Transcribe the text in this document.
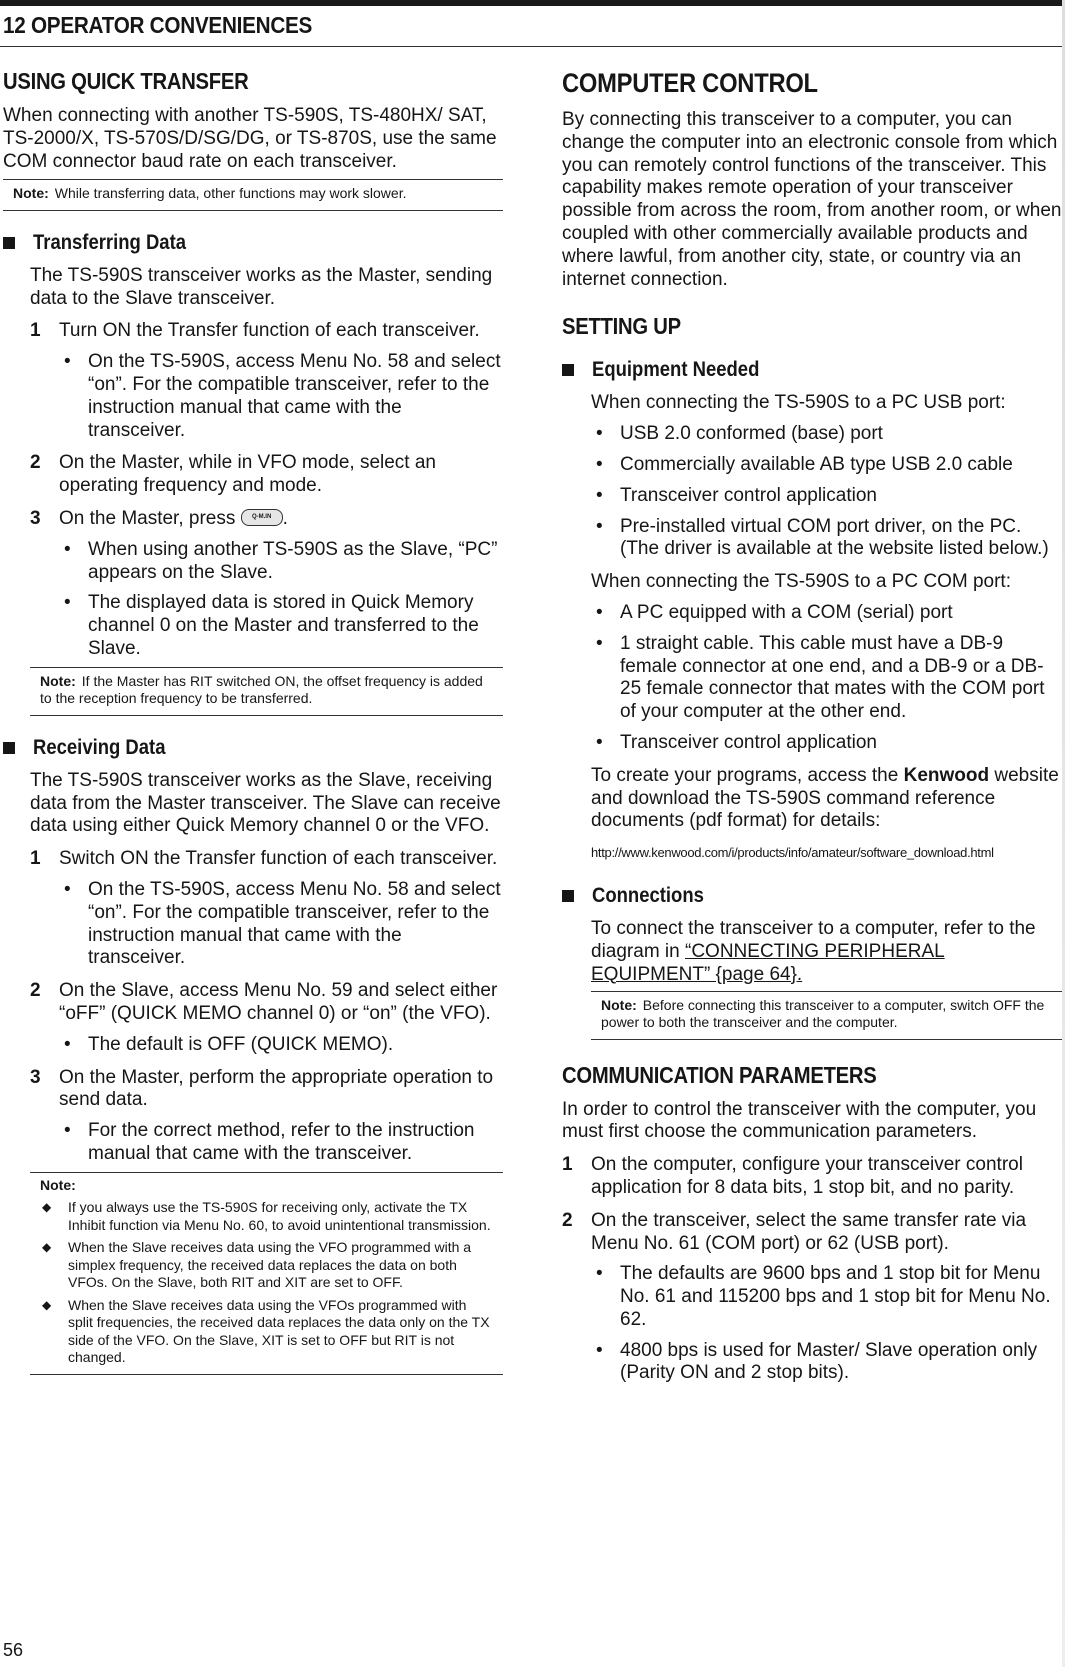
12 OPERATOR CONVENIENCES
USING QUICK TRANSFER

When connecting with another TS-590S, TS-480HX/ SAT, TS-2000/X, TS-570S/D/SG/DG, or TS-870S, use the same COM connector baud rate on each transceiver.

Note: While transferring data, other functions may work slower.
Transferring Data

The TS-590S transceiver works as the Master, sending data to the Slave transceiver.

1 Turn ON the Transfer function of each transceiver.

• On the TS-590S, access Menu No. 58 and select “on”. For the compatible transceiver, refer to the instruction manual that came with the transceiver.

2 On the Master, while in VFO mode, select an operating frequency and mode.

3 On the Master, press	Q-M.IN .

• When using another TS-590S as the Slave, “PC” appears on the Slave.

• The displayed data is stored in Quick Memory channel 0 on the Master and transferred to the Slave.

Note: If the Master has RIT switched ON, the offset frequency is added to the reception frequency to be transferred.
Receiving Data

The TS-590S transceiver works as the Slave, receiving data from the Master transceiver. The Slave can receive data using either Quick Memory channel 0 or the VFO.

1 Switch ON the Transfer function of each transceiver.

• On the TS-590S, access Menu No. 58 and select “on”. For the compatible transceiver, refer to the instruction manual that came with the transceiver.

2 On the Slave, access Menu No. 59 and select either “oFF” (QUICK MEMO channel 0) or “on” (the VFO).

• The default is OFF (QUICK MEMO).

3 On the Master, perform the appropriate operation to send data.

• For the correct method, refer to the instruction manual that came with the transceiver.

Note:
◆ If you always use the TS-590S for receiving only, activate the TX Inhibit function via Menu No. 60, to avoid unintentional transmission.
◆ When the Slave receives data using the VFO programmed with a simplex frequency, the received data replaces the data on both VFOs. On the Slave, both RIT and XIT are set to OFF.
◆ When the Slave receives data using the VFOs programmed with split frequencies, the received data replaces the data only on the TX side of the VFO. On the Slave, XIT is set to OFF but RIT is not changed.
COMPUTER CONTROL

By connecting this transceiver to a computer, you can change the computer into an electronic console from which you can remotely control functions of the transceiver. This capability makes remote operation of your transceiver possible from across the room, from another room, or when coupled with other commercially available products and where lawful, from another city, state, or country via an internet connection.

SETTING UP
Equipment Needed

When connecting the TS-590S to a PC USB port:

• USB 2.0 conformed (base) port

• Commercially available AB type USB 2.0 cable

• Transceiver control application

• Pre-installed virtual COM port driver, on the PC. (The driver is available at the website listed below.)

When connecting the TS-590S to a PC COM port:

• A PC equipped with a COM (serial) port

• 1 straight cable. This cable must have a DB-9 female connector at one end, and a DB-9 or a DB-25 female connector that mates with the COM port of your computer at the other end.

• Transceiver control application

To create your programs, access the Kenwood website and download the TS-590S command reference documents (pdf format) for details:

http://www.kenwood.com/i/products/info/amateur/software_download.html
Connections

To connect the transceiver to a computer, refer to the diagram in “CONNECTING PERIPHERAL EQUIPMENT” {page 64}.

Note: Before connecting this transceiver to a computer, switch OFF the power to both the transceiver and the computer.
COMMUNICATION PARAMETERS

In order to control the transceiver with the computer, you must first choose the communication parameters.

1 On the computer, configure your transceiver control application for 8 data bits, 1 stop bit, and no parity.

2 On the transceiver, select the same transfer rate via Menu No. 61 (COM port) or 62 (USB port).

• The defaults are 9600 bps and 1 stop bit for Menu No. 61 and 115200 bps and 1 stop bit for Menu No. 62.

• 4800 bps is used for Master/ Slave operation only (Parity ON and 2 stop bits).

56
